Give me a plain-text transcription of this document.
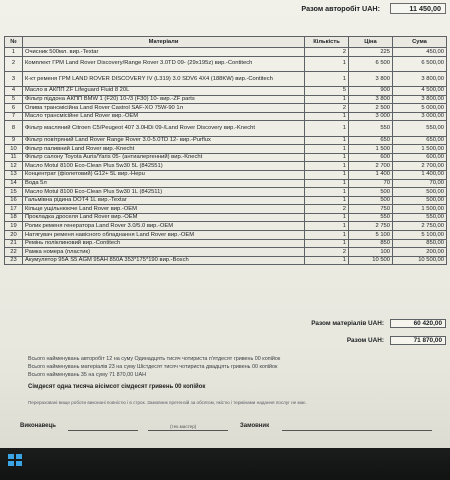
Разом авторобіт UAH:	11 450,00
№	Матеріали	Кількість	Ціна	Сума
1	Очисник 500мл. вир.-Textar	2	225	450,00
2	Комплект ГРМ Land Rover Discovery/Range Rover 3.0TD 09- (29х195z) вир.-Contitech	1	6 500	6 500,00
3	К-кт ременя ГРМ LAND ROVER DISCOVERY IV (L319) 3.0 SDV6 4X4 (188KW) вир.-Contitech	1	3 800	3 800,00
4	Масло в АКПП ZF Lifeguard Fluid 8 20L	5	900	4 500,00
5	Фільтр піддона АКПП BMW 1 (F20) 10-/3 (F30) 10- вир.-ZF parts	1	3 800	3 800,00
6	Олива трансмісійна Land Rover Castrol SAF-XO 75W-90 1л	2	2 500	5 000,00
7	Масло трансмісійне Land Rover вир.-OEM	1	3 000	3 000,00
8	Фільтр масляний Citroen C5/Peugeot 407 3.0HDi 09-/Land Rover Discovery вир.-Knecht	1	550	550,00
9	Фільтр повітряний Land Rover Range Rover 3.0-5.0TD 12- вир.-Purflux	1	650	650,00
10	Фільтр паливний Land Rover вир.-Knecht	1	1 500	1 500,00
11	Фільтр салону Toyota Auris/Yaris 05- (антиалергенний) вир.-Knecht	1	600	600,00
12	Масло Motul 8100 Eco-Clean Plus 5w30 5L (842551)	1	2 700	2 700,00
13	Концентрат (фіолетовий) G12+ 5L вир.-Hepu	1	1 400	1 400,00
14	Вода 5л	1	70	70,00
15	Масло Motul 8100 Eco-Clean Plus 5w30 1L (842511)	1	500	500,00
16	Гальмівна рідина DOT4 1L вир.-Textar	1	500	500,00
17	Кільце ущільнююче Land Rover вир.-OEM	2	750	1 500,00
18	Прокладка дроселя Land Rover вир.-OEM	1	550	550,00
19	Ролик ременя генератора Land Rover 3.0/5.0 вир.-OEM	1	2 750	2 750,00
20	Натягувач ременя навісного обладнання Land Rover вир.-OEM	1	5 100	5 100,00
21	Ремінь поліклиновий вир.-Contitech	1	850	850,00
22	Рамка номера (пластик)	2	100	200,00
23	Акумулятор 95А S5 AGM 95AH 850A 353*175*190 вир.-Bosch	1	10 500	10 500,00
Разом матеріалів UAH:	60 420,00
Разом UAH:	71 870,00
Всього найменувань авторобіт 12 на суму Одинадцять тисяч чотириста п'ятдесят гривень 00 копійок
Всього найменувань матеріалів 23 на суму Шістдесят тисяч чотириста двадцять гривень 00 копійок
Всього найменувань 35 на суму 71 870,00 UAH
Сімдесят одна тисяча вісімсот сімдесят гривень 00 копійок
Перераховані вище роботи виконані повністю і в строк. Замовник претензій за обсягом, якістю і термінами надання послуг не має.
Виконавець	(тех.мастер)	Замовник
